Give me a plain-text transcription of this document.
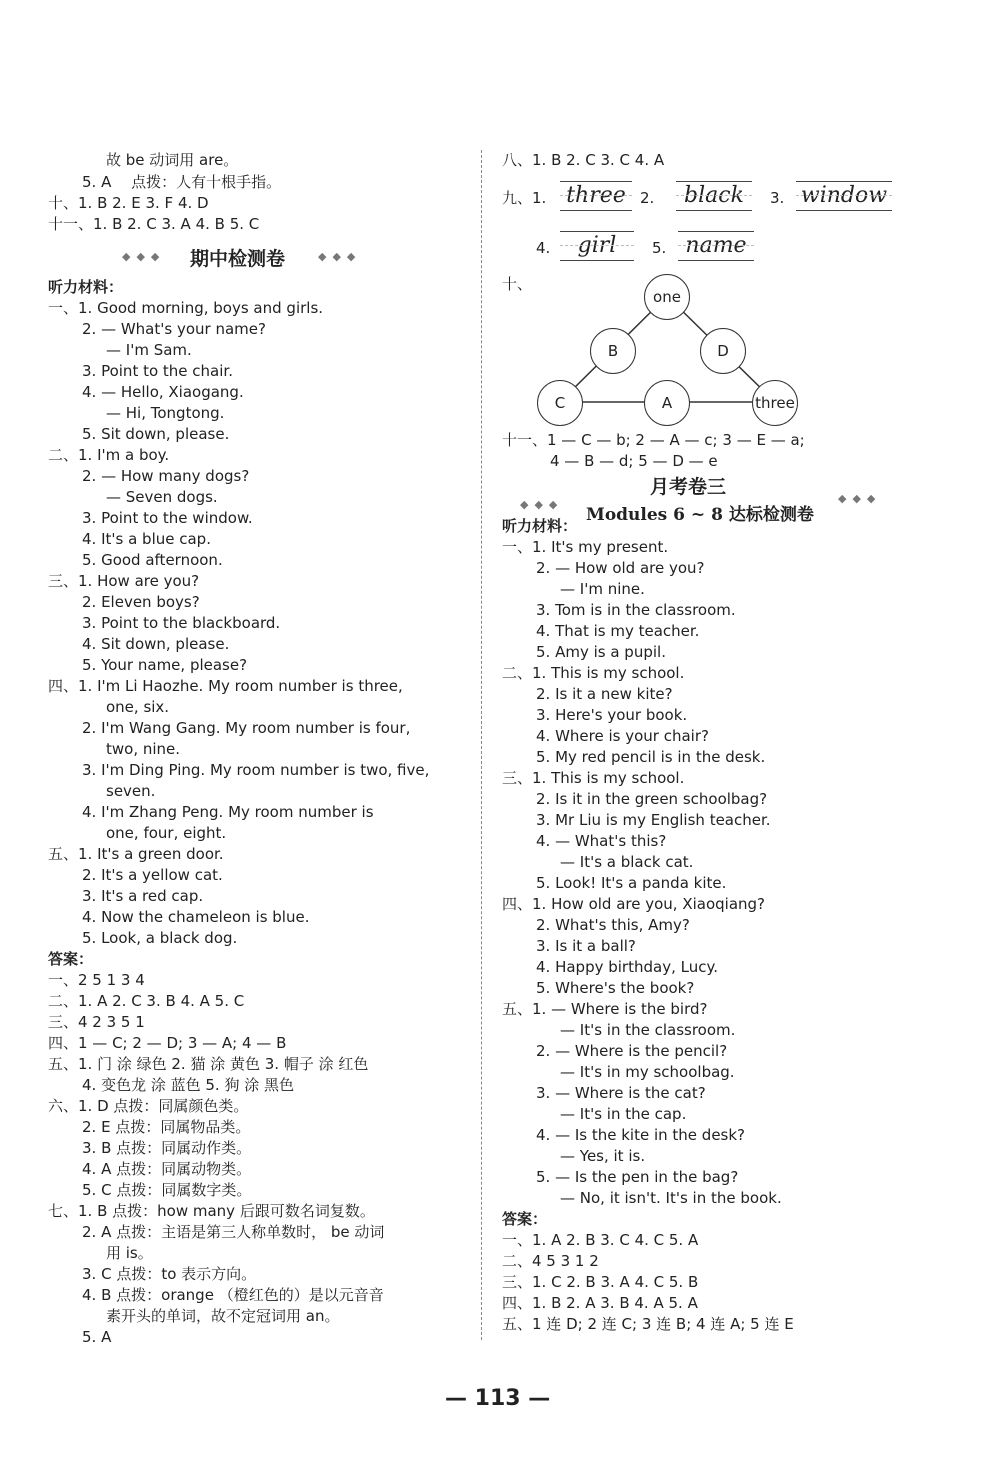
故 be 动词用 are。
5. A　 点拨：人有十根手指。
十、1. B 2. E 3. F 4. D
十一、1. B 2. C 3. A 4. B 5. C
一、1. Good morning, boys and girls.
2. — What's your name?
— I'm Sam.
3. Point to the chair.
4. — Hello, Xiaogang.
— Hi, Tongtong.
5. Sit down, please.
二、1. I'm a boy.
2. — How many dogs?
— Seven dogs.
3. Point to the window.
4. It's a blue cap.
5. Good afternoon.
三、1. How are you?
2. Eleven boys?
3. Point to the blackboard.
4. Sit down, please.
5. Your name, please?
四、1. I'm Li Haozhe. My room number is three,
one, six.
2. I'm Wang Gang. My room number is four,
two, nine.
3. I'm Ding Ping. My room number is two, five,
seven.
4. I'm Zhang Peng. My room number is
one, four, eight.
五、1. It's a green door.
2. It's a yellow cat.
3. It's a red cap.
4. Now the chameleon is blue.
5. Look, a black dog.
一、2 5 1 3 4
二、1. A 2. C 3. B 4. A 5. C
三、4 2 3 5 1
四、1 — C; 2 — D; 3 — A; 4 — B
五、1. 门 涂 绿色 2. 猫 涂 黄色 3. 帽子 涂 红色
4. 变色龙 涂 蓝色 5. 狗 涂 黑色
六、1. D 点拨：同属颜色类。
2. E 点拨：同属物品类。
3. B 点拨：同属动作类。
4. A 点拨：同属动物类。
5. C 点拨：同属数字类。
七、1. B 点拨：how many 后跟可数名词复数。
2. A 点拨：主语是第三人称单数时， be 动词
用 is。
3. C 点拨：to 表示方向。
4. B 点拨：orange （橙红色的）是以元音音
素开头的单词，故不定冠词用 an。
5. A
◆◆◆ 期中检测卷	◆◆◆
听力材料：
答案：
一、1. It's my present.
2. — How old are you?
— I'm nine.
3. Tom is in the classroom.
4. That is my teacher.
5. Amy is a pupil.
二、1. This is my school.
2. Is it a new kite?
3. Here's your book.
4. Where is your chair?
5. My red pencil is in the desk.
三、1. This is my school.
2. Is it in the green schoolbag?
3. Mr Liu is my English teacher.
4. — What's this?
— It's a black cat.
5. Look! It's a panda kite.
四、1. How old are you, Xiaoqiang?
2. What's this, Amy?
3. Is it a ball?
4. Happy birthday, Lucy.
5. Where's the book?
五、1. — Where is the bird?
— It's in the classroom.
2. — Where is the pencil?
— It's in my schoolbag.
3. — Where is the cat?
— It's in the cap.
4. — Is the kite in the desk?
— Yes, it is.
5. — Is the pen in the bag?
— No, it isn't. It's in the book.
一、1. A 2. B 3. C 4. C 5. A
二、4 5 3 1 2
三、1. C 2. B 3. A 4. C 5. B
四、1. B 2. A 3. B 4. A 5. A
五、1 连 D; 2 连 C; 3 连 B; 4 连 A; 5 连 E
八、1. B 2. C 3. C 4. A
九、1. three 2.	black	3. window
4.	girl	5. name
十、
one
B	D
C	A	three
十一、1 — C — b; 2 — A — c; 3 — E — a;
4 — B — d; 5 — D — e
月考卷三
◆◆◆
Modules 6 ~ 8 达标检测卷
◆◆◆
听力材料：
答案：
— 113 —
